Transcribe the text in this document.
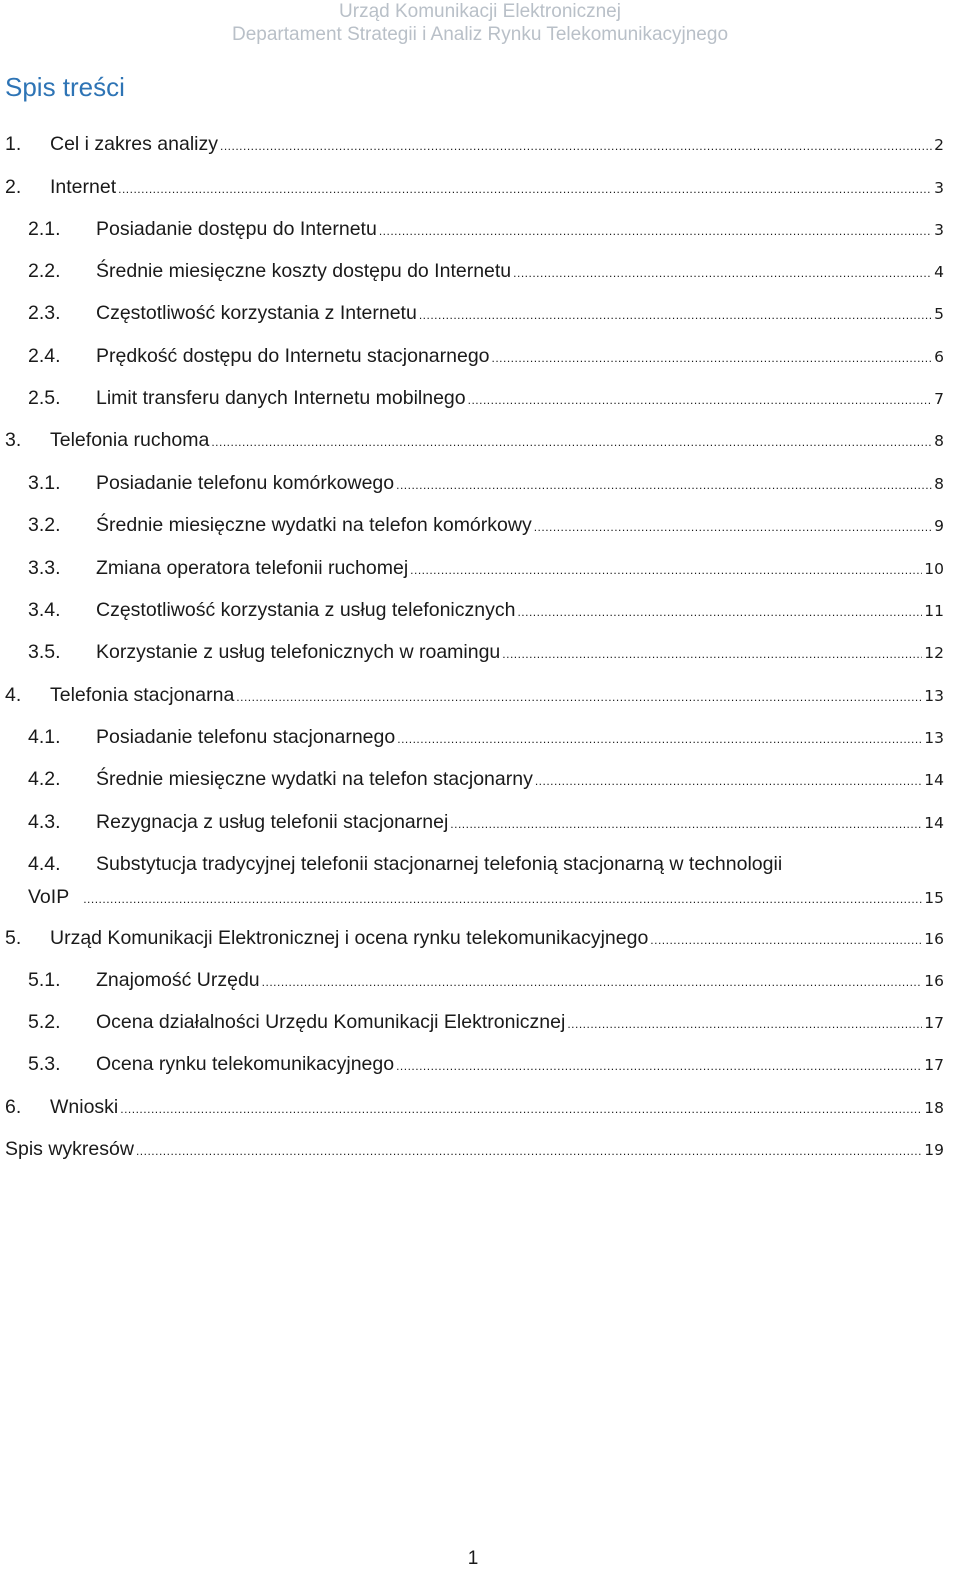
Urząd Komunikacji Elektronicznej
Departament Strategii i Analiz Rynku Telekomunikacyjnego
Spis treści
1.	Cel i zakres analizy .....	2
2.	Internet .....	3
2.1.	Posiadanie dostępu do Internetu .....	3
2.2.	Średnie miesięczne koszty dostępu do Internetu .....	4
2.3.	Częstotliwość korzystania z Internetu .....	5
2.4.	Prędkość dostępu do Internetu stacjonarnego .....	6
2.5.	Limit transferu danych Internetu mobilnego .....	7
3.	Telefonia ruchoma .....	8
3.1.	Posiadanie telefonu komórkowego .....	8
3.2.	Średnie miesięczne wydatki na telefon komórkowy .....	9
3.3.	Zmiana operatora telefonii ruchomej .....	10
3.4.	Częstotliwość korzystania z usług telefonicznych .....	11
3.5.	Korzystanie z usług telefonicznych w roamingu .....	12
4.	Telefonia stacjonarna .....	13
4.1.	Posiadanie telefonu stacjonarnego .....	13
4.2.	Średnie miesięczne wydatki na telefon stacjonarny .....	14
4.3.	Rezygnacja z usług telefonii stacjonarnej .....	14
4.4.	Substytucja tradycyjnej telefonii stacjonarnej telefonią stacjonarną w technologii
VoIP .....	15
5.	Urząd Komunikacji Elektronicznej i ocena rynku telekomunikacyjnego .....	16
5.1.	Znajomość Urzędu .....	16
5.2.	Ocena działalności Urzędu Komunikacji Elektronicznej .....	17
5.3.	Ocena rynku telekomunikacyjnego .....	17
6.	Wnioski .....	18
Spis wykresów .....	19
1
